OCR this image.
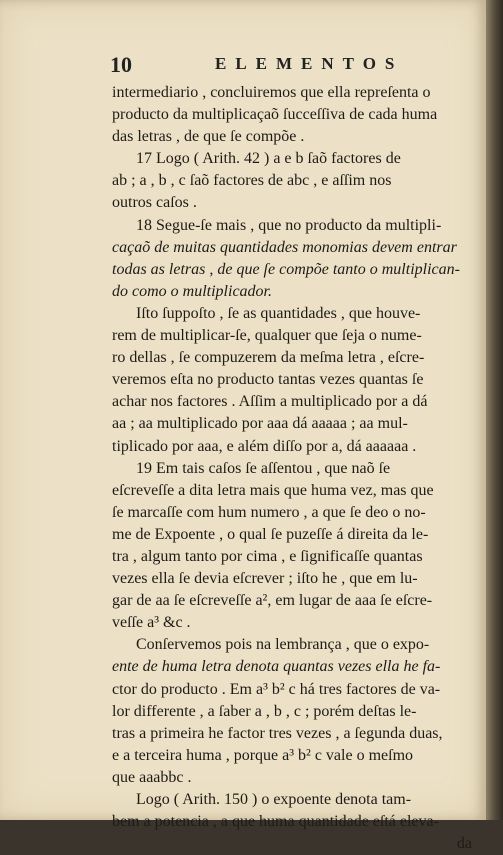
10	ELEMENTOS

intermediario , concluiremos que ella repreſenta o

producto da multiplicaçaõ ſucceſſiva de cada huma

das letras , de que ſe compõe .

17 Logo ( Arith. 42 ) a e b ſaõ factores de

ab ; a , b , c ſaõ factores de abc , e aſſim nos

outros caſos .

18 Segue-ſe mais , que no producto da multipli-

caçaõ de muitas quantidades monomias devem entrar

todas as letras , de que ſe compõe tanto o multiplican-

do como o multiplicador.

Iſto ſuppoſto , ſe as quantidades , que houve-

rem de multiplicar-ſe, qualquer que ſeja o nume-

ro dellas , ſe compuzerem da meſma letra , eſcre-

veremos eſta no producto tantas vezes quantas ſe

achar nos factores . Aſſim a multiplicado por a dá

aa ; aa multiplicado por aaa dá aaaaa ; aa mul-

tiplicado por aaa, e além diſſo por a, dá aaaaaa .

19 Em tais caſos ſe aſſentou , que naõ ſe

eſcreveſſe a dita letra mais que huma vez, mas que

ſe marcaſſe com hum numero , a que ſe deo o no-

me de Expoente , o qual ſe puzeſſe á direita da le-

tra , algum tanto por cima , e ſignificaſſe quantas

vezes ella ſe devia eſcrever ; iſto he , que em lu-

gar de aa ſe eſcreveſſe a², em lugar de aaa ſe eſcre-

veſſe a³ &c .

Conſervemos pois na lembrança , que o expo-

ente de huma letra denota quantas vezes ella he fa-

ctor do producto . Em a³ b² c há tres factores de va-

lor differente , a ſaber a , b , c ; porém deſtas le-

tras a primeira he factor tres vezes , a ſegunda duas,

e a terceira huma , porque a³ b² c vale o meſmo

que aaabbc .

Logo ( Arith. 150 ) o expoente denota tam-

bem a potencia , a que huma quantidade eſtá eleva-

da
